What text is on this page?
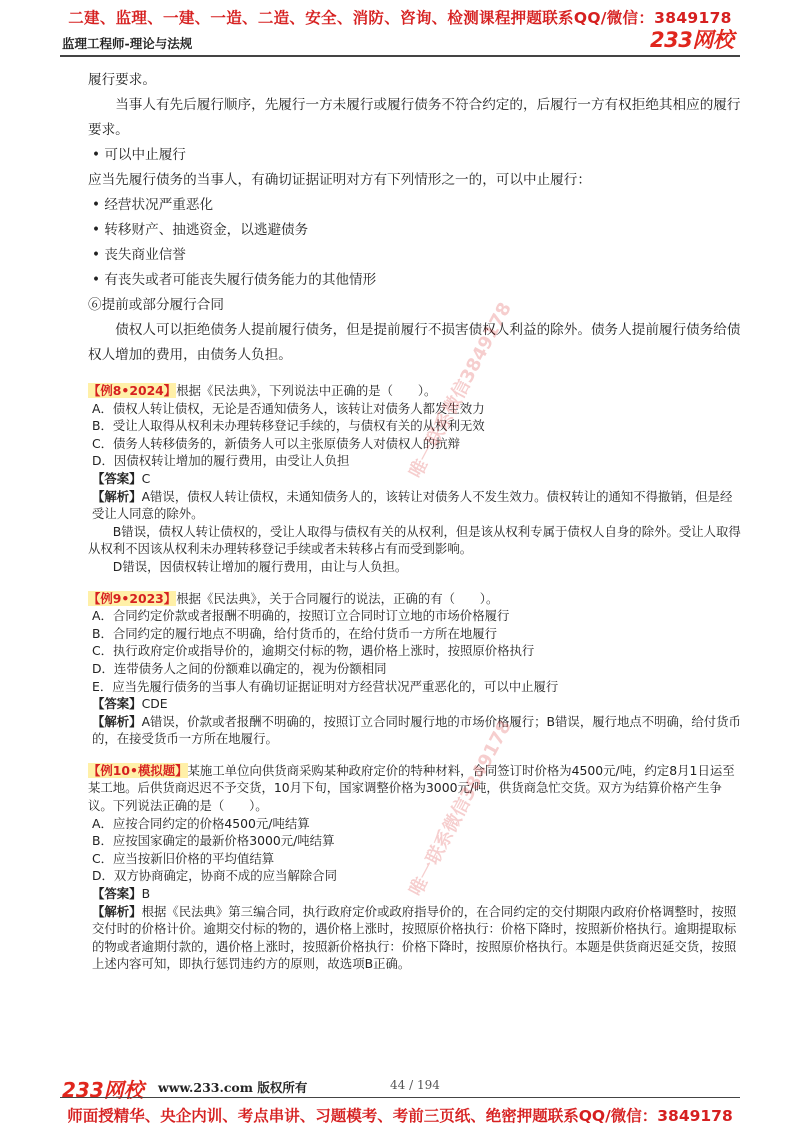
二建、监理、一建、一造、二造、安全、消防、咨询、检测课程押题联系QQ/微信：3849178
监理工程师-理论与法规	233网校

履行要求。

当事人有先后履行顺序，先履行一方未履行或履行债务不符合约定的，后履行一方有权拒绝其相应的履行要求。

• 可以中止履行

应当先履行债务的当事人，有确切证据证明对方有下列情形之一的，可以中止履行：

• 经营状况严重恶化

• 转移财产、抽逃资金，以逃避债务

• 丧失商业信誉

• 有丧失或者可能丧失履行债务能力的其他情形

⑥提前或部分履行合同

债权人可以拒绝债务人提前履行债务，但是提前履行不损害债权人利益的除外。债务人提前履行债务给债权人增加的费用，由债务人负担。

【例8•2024】根据《民法典》，下列说法中正确的是（　　）。

A．债权人转让债权，无论是否通知债务人，该转让对债务人都发生效力

B．受让人取得从权利未办理转移登记手续的，与债权有关的从权利无效

C．债务人转移债务的，新债务人可以主张原债务人对债权人的抗辩

D．因债权转让增加的履行费用，由受让人负担

【答案】C

【解析】A错误，债权人转让债权，未通知债务人的，该转让对债务人不发生效力。债权转让的通知不得撤销，但是经受让人同意的除外。

B错误，债权人转让债权的，受让人取得与债权有关的从权利，但是该从权利专属于债权人自身的除外。受让人取得从权利不因该从权利未办理转移登记手续或者未转移占有而受到影响。

D错误，因债权转让增加的履行费用，由让与人负担。

【例9•2023】根据《民法典》，关于合同履行的说法，正确的有（　　）。

A．合同约定价款或者报酬不明确的，按照订立合同时订立地的市场价格履行

B．合同约定的履行地点不明确，给付货币的，在给付货币一方所在地履行

C．执行政府定价或指导价的，逾期交付标的物，遇价格上涨时，按照原价格执行

D．连带债务人之间的份额难以确定的，视为份额相同

E．应当先履行债务的当事人有确切证据证明对方经营状况严重恶化的，可以中止履行

【答案】CDE

【解析】A错误，价款或者报酬不明确的，按照订立合同时履行地的市场价格履行；B错误，履行地点不明确，给付货币的，在接受货币一方所在地履行。

【例10•模拟题】某施工单位向供货商采购某种政府定价的特种材料，合同签订时价格为4500元/吨，约定8月1日运至某工地。后供货商迟迟不予交货，10月下旬，国家调整价格为3000元/吨，供货商急忙交货。双方为结算价格产生争议。下列说法正确的是（　　）。

A．应按合同约定的价格4500元/吨结算

B．应按国家确定的最新价格3000元/吨结算

C．应当按新旧价格的平均值结算

D．双方协商确定，协商不成的应当解除合同

【答案】B

【解析】根据《民法典》第三编合同，执行政府定价或政府指导价的，在合同约定的交付期限内政府价格调整时，按照交付时的价格计价。逾期交付标的物的，遇价格上涨时，按照原价格执行：价格下降时，按照新价格执行。逾期提取标的物或者逾期付款的，遇价格上涨时，按照新价格执行：价格下降时，按照原价格执行。本题是供货商迟延交货，按照上述内容可知，即执行惩罚违约方的原则，故选项B正确。

唯一联系微信3849178
唯一联系微信3849178
233网校 www.233.com 版权所有	44 / 194
师面授精华、央企内训、考点串讲、习题模考、考前三页纸、绝密押题联系QQ/微信：3849178
